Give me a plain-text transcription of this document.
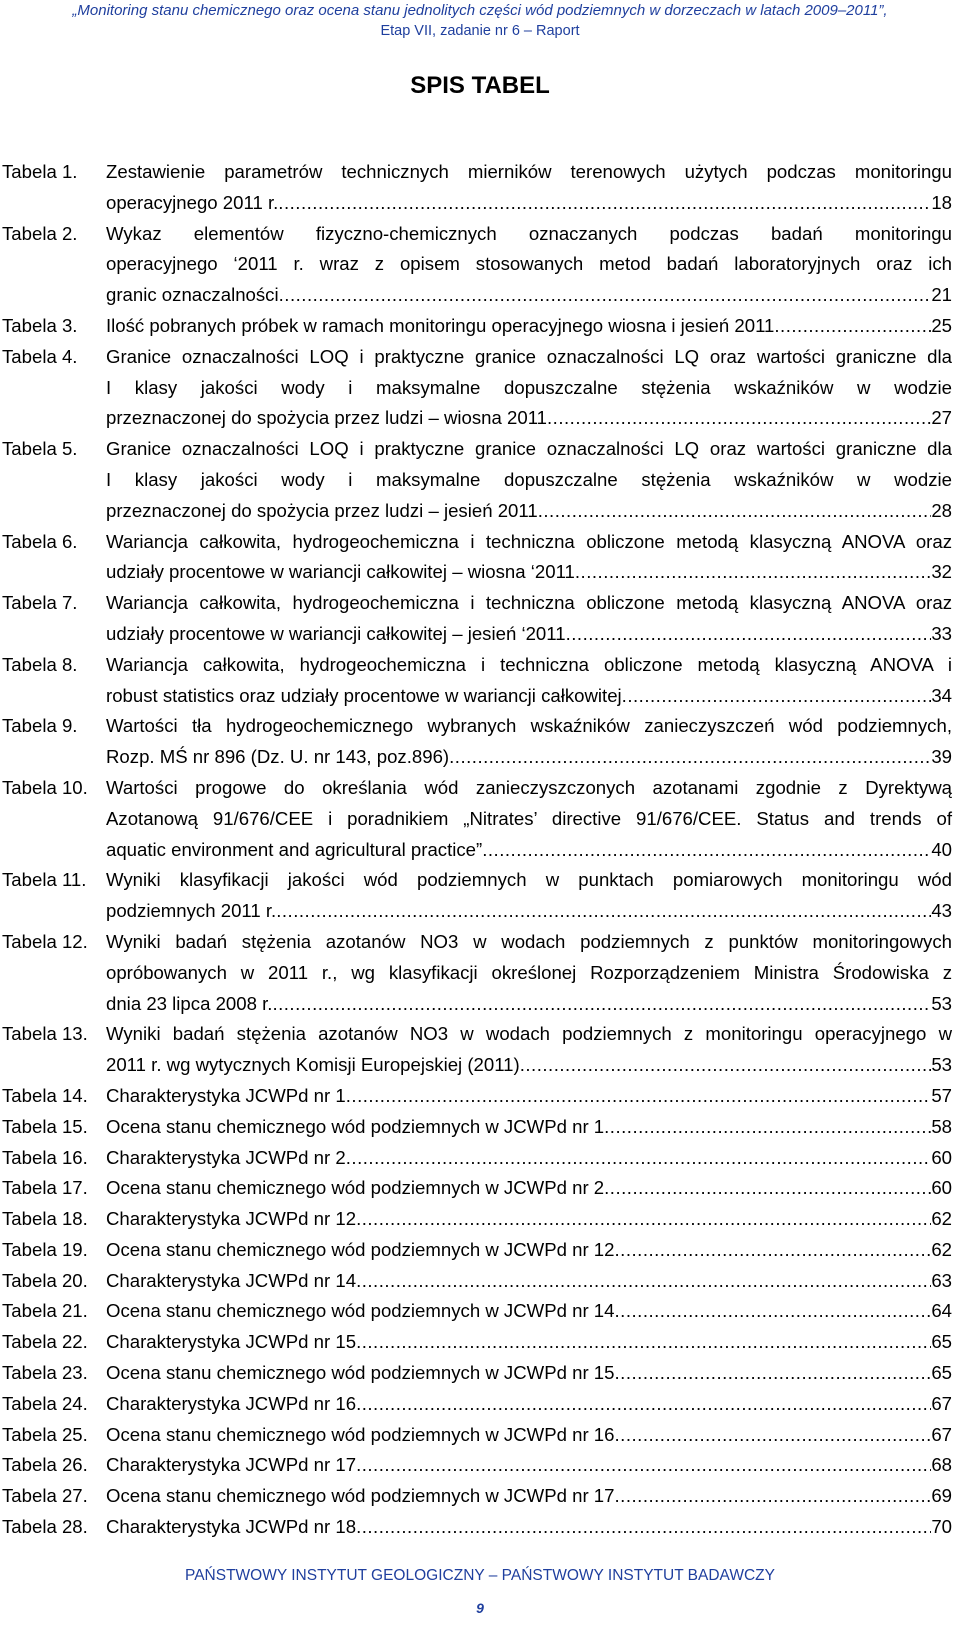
„Monitoring stanu chemicznego oraz ocena stanu jednolitych części wód podziemnych w dorzeczach w latach 2009–2011”,
Etap VII, zadanie nr 6 – Raport
SPIS TABEL
Tabela 1. Zestawienie parametrów technicznych mierników terenowych użytych podczas monitoringu
operacyjnego 2011 r. .....	18
Tabela 2. Wykaz elementów fizyczno-chemicznych oznaczanych podczas badań monitoringu
operacyjnego ‘2011 r. wraz z opisem stosowanych metod badań laboratoryjnych oraz ich
granic oznaczalności .....	21
Tabela 3. Ilość pobranych próbek w ramach monitoringu operacyjnego wiosna i jesień 2011 .....	25
Tabela 4. Granice oznaczalności LOQ i praktyczne granice oznaczalności LQ oraz wartości graniczne dla
I klasy jakości wody i maksymalne dopuszczalne stężenia wskaźników w wodzie
przeznaczonej do spożycia przez ludzi – wiosna 2011 .....	27
Tabela 5. Granice oznaczalności LOQ i praktyczne granice oznaczalności LQ oraz wartości graniczne dla
I klasy jakości wody i maksymalne dopuszczalne stężenia wskaźników w wodzie
przeznaczonej do spożycia przez ludzi – jesień 2011 .....	28
Tabela 6. Wariancja całkowita, hydrogeochemiczna i techniczna obliczone metodą klasyczną ANOVA oraz
udziały procentowe w wariancji całkowitej – wiosna ‘2011 .....	32
Tabela 7. Wariancja całkowita, hydrogeochemiczna i techniczna obliczone metodą klasyczną ANOVA oraz
udziały procentowe w wariancji całkowitej – jesień ‘2011 .....	33
Tabela 8. Wariancja całkowita, hydrogeochemiczna i techniczna obliczone metodą klasyczną ANOVA i
robust statistics oraz udziały procentowe w wariancji całkowitej .....	34
Tabela 9. Wartości tła hydrogeochemicznego wybranych wskaźników zanieczyszczeń wód podziemnych,
Rozp. MŚ nr 896 (Dz. U. nr 143, poz.896) .....	39
Tabela 10. Wartości progowe do określania wód zanieczyszczonych azotanami zgodnie z Dyrektywą
Azotanową 91/676/CEE i poradnikiem „Nitrates’ directive 91/676/CEE. Status and trends of
aquatic environment and agricultural practice” .....	40
Tabela 11. Wyniki klasyfikacji jakości wód podziemnych w punktach pomiarowych monitoringu wód
podziemnych 2011 r. .....	43
Tabela 12. Wyniki badań stężenia azotanów NO3 w wodach podziemnych z punktów monitoringowych
opróbowanych w 2011 r., wg klasyfikacji określonej Rozporządzeniem Ministra Środowiska z
dnia 23 lipca 2008 r. .....	53
Tabela 13. Wyniki badań stężenia azotanów NO3 w wodach podziemnych z monitoringu operacyjnego w
2011 r. wg wytycznych Komisji Europejskiej (2011) .....	53
Tabela 14. Charakterystyka JCWPd nr 1 .....	57
Tabela 15. Ocena stanu chemicznego wód podziemnych w JCWPd nr 1 .....	58
Tabela 16. Charakterystyka JCWPd nr 2 .....	60
Tabela 17. Ocena stanu chemicznego wód podziemnych w JCWPd nr 2 .....	60
Tabela 18. Charakterystyka JCWPd nr 12 .....	62
Tabela 19. Ocena stanu chemicznego wód podziemnych w JCWPd nr 12 .....	62
Tabela 20. Charakterystyka JCWPd nr 14 .....	63
Tabela 21. Ocena stanu chemicznego wód podziemnych w JCWPd nr 14 .....	64
Tabela 22. Charakterystyka JCWPd nr 15 .....	65
Tabela 23. Ocena stanu chemicznego wód podziemnych w JCWPd nr 15 .....	65
Tabela 24. Charakterystyka JCWPd nr 16 .....	67
Tabela 25. Ocena stanu chemicznego wód podziemnych w JCWPd nr 16 .....	67
Tabela 26. Charakterystyka JCWPd nr 17 .....	68
Tabela 27. Ocena stanu chemicznego wód podziemnych w JCWPd nr 17 .....	69
Tabela 28. Charakterystyka JCWPd nr 18 .....	70
PAŃSTWOWY INSTYTUT GEOLOGICZNY – PAŃSTWOWY INSTYTUT BADAWCZY
9
